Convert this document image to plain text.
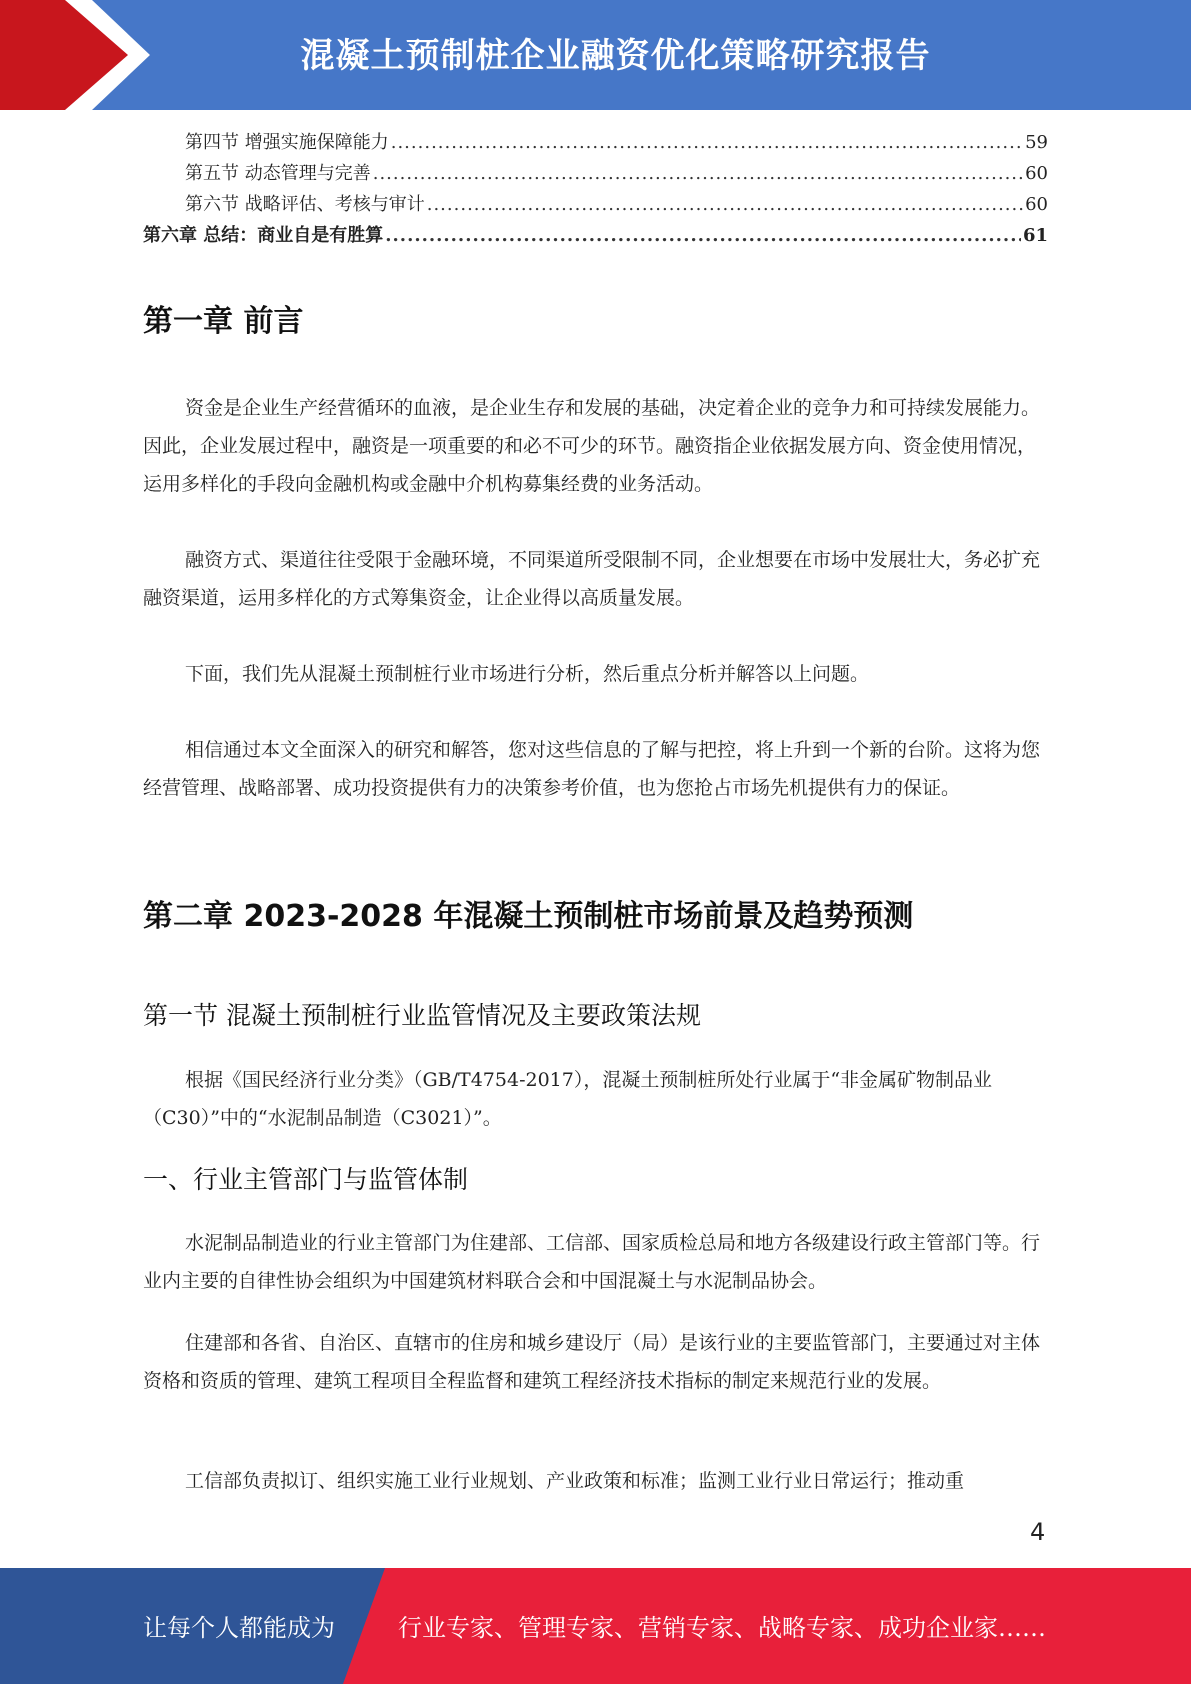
混凝土预制桩企业融资优化策略研究报告
第四节 增强实施保障能力 .....	59
第五节 动态管理与完善 .....	60
第六节 战略评估、考核与审计 .....	60
第六章 总结：商业自是有胜算 .....	61
第一章 前言

资金是企业生产经营循环的血液，是企业生存和发展的基础，决定着企业的竞争力和可持续发展能力。因此，企业发展过程中，融资是一项重要的和必不可少的环节。融资指企业依据发展方向、资金使用情况，运用多样化的手段向金融机构或金融中介机构募集经费的业务活动。

融资方式、渠道往往受限于金融环境，不同渠道所受限制不同，企业想要在市场中发展壮大，务必扩充融资渠道，运用多样化的方式筹集资金，让企业得以高质量发展。

下面，我们先从混凝土预制桩行业市场进行分析，然后重点分析并解答以上问题。

相信通过本文全面深入的研究和解答，您对这些信息的了解与把控，将上升到一个新的台阶。这将为您经营管理、战略部署、成功投资提供有力的决策参考价值，也为您抢占市场先机提供有力的保证。

第二章 2023-2028 年混凝土预制桩市场前景及趋势预测
第一节 混凝土预制桩行业监管情况及主要政策法规

根据《国民经济行业分类》（GB/T4754-2017），混凝土预制桩所处行业属于“非金属矿物制品业（C30）”中的“水泥制品制造（C3021）”。

一、行业主管部门与监管体制

水泥制品制造业的行业主管部门为住建部、工信部、国家质检总局和地方各级建设行政主管部门等。行业内主要的自律性协会组织为中国建筑材料联合会和中国混凝土与水泥制品协会。

住建部和各省、自治区、直辖市的住房和城乡建设厅（局）是该行业的主要监管部门，主要通过对主体资格和资质的管理、建筑工程项目全程监督和建筑工程经济技术指标的制定来规范行业的发展。

工信部负责拟订、组织实施工业行业规划、产业政策和标准；监测工业行业日常运行；推动重

4
让每个人都能成为	行业专家、管理专家、营销专家、战略专家、成功企业家……
